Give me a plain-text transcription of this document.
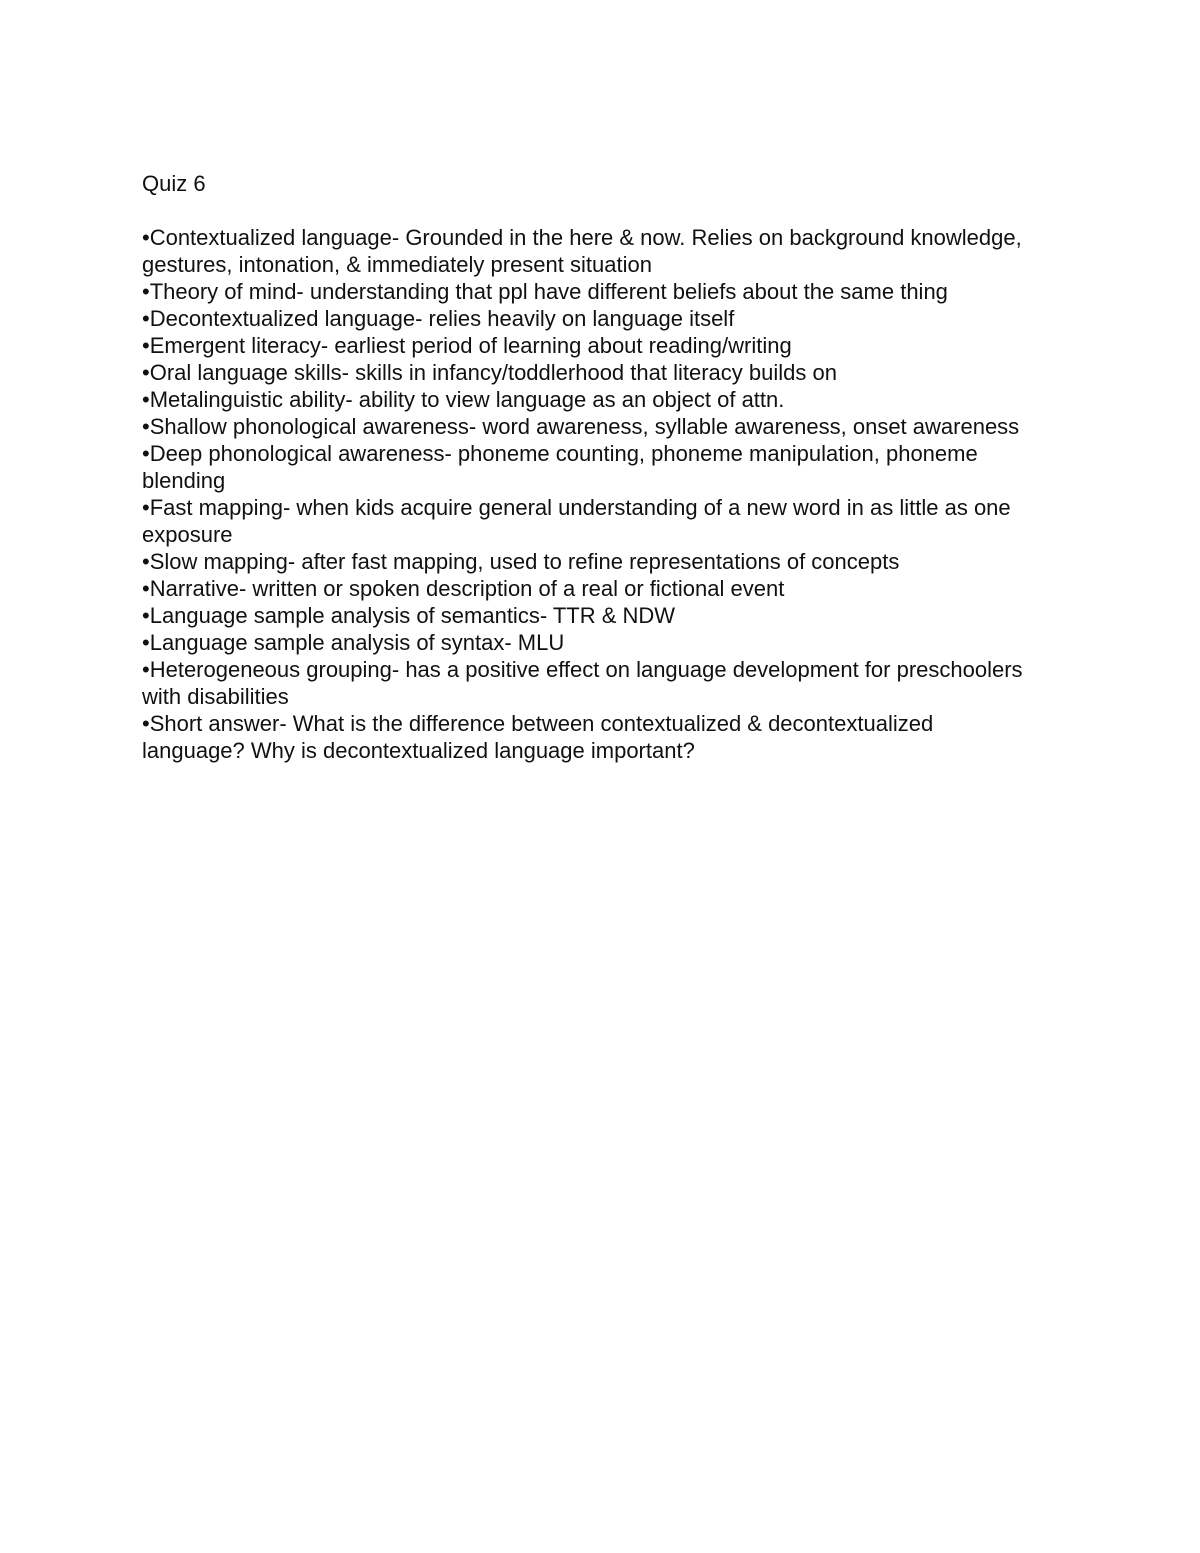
Quiz 6
•Contextualized language- Grounded in the here & now. Relies on background knowledge, gestures, intonation, & immediately present situation
•Theory of mind- understanding that ppl have different beliefs about the same thing
•Decontextualized language- relies heavily on language itself
•Emergent literacy- earliest period of learning about reading/writing
•Oral language skills- skills in infancy/toddlerhood that literacy builds on
•Metalinguistic ability- ability to view language as an object of attn.
•Shallow phonological awareness- word awareness, syllable awareness, onset awareness
•Deep phonological awareness- phoneme counting, phoneme manipulation, phoneme blending
•Fast mapping- when kids acquire general understanding of a new word in as little as one exposure
•Slow mapping- after fast mapping, used to refine representations of concepts
•Narrative- written or spoken description of a real or fictional event
•Language sample analysis of semantics- TTR & NDW
•Language sample analysis of syntax- MLU
•Heterogeneous grouping- has a positive effect on language development for preschoolers with disabilities
•Short answer- What is the difference between contextualized & decontextualized language? Why is decontextualized language important?
